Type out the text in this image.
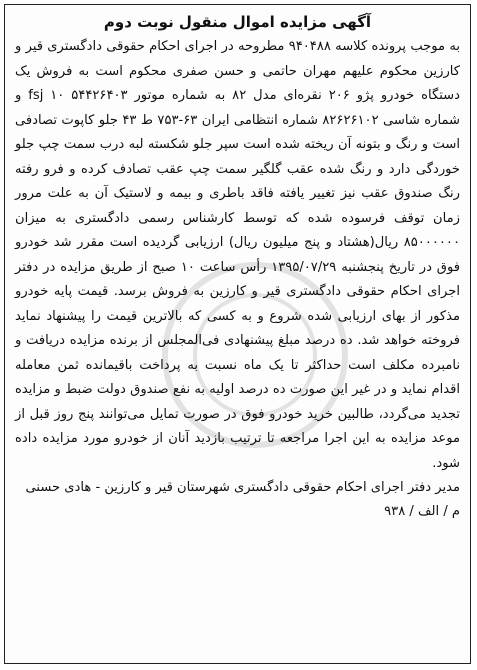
آگهی مزایده اموال منقول نوبت دوم

به موجب پرونده کلاسه ۹۴۰۴۸۸ مطروحه در اجرای احکام حقوقی دادگستری قیر و کارزین محکوم علیهم مهران حاتمی و حسن صفری محکوم است به فروش یک دستگاه خودرو پژو ۲۰۶ نقره‌ای مدل ۸۲ به شماره موتور ۵۴۴۲۶۴۰۳ fsj ۱۰ و شماره شاسی ۸۲۶۲۶۱۰۲ شماره انتظامی ایران ۶۳-۷۵۳ ط ۴۳ جلو کاپوت تصادفی است و رنگ و بتونه آن ریخته شده است سپر جلو شکسته لبه درب سمت چپ جلو خوردگی دارد و رنگ شده عقب گلگیر سمت چپ عقب تصادف کرده و فرو رفته رنگ صندوق عقب نیز تغییر یافته فاقد باطری و بیمه و لاستیک آن به علت مرور زمان توقف فرسوده شده که توسط کارشناس رسمی دادگستری به میزان ۸۵۰۰۰۰۰۰ ریال(هشتاد و پنج میلیون ریال) ارزیابی گردیده است مقرر شد خودرو فوق در تاریخ پنجشنبه ۱۳۹۵/۰۷/۲۹ رأس ساعت ۱۰ صبح از طریق مزایده در دفتر اجرای احکام حقوقی دادگستری قیر و کارزین به فروش برسد. قیمت پایه خودرو مذکور از بهای ارزیابی شده شروع و به کسی که بالاترین قیمت را پیشنهاد نماید فروخته خواهد شد. ده درصد مبلغ پیشنهادی فی‌المجلس از برنده مزایده دریافت و نامبرده مکلف است حداکثر تا یک ماه نسبت به پرداخت باقیمانده ثمن معامله اقدام نماید و در غیر این صورت ده درصد اولیه به نفع صندوق دولت ضبط و مزایده تجدید می‌گردد، طالبین خرید خودرو فوق در صورت تمایل می‌توانند پنج روز قبل از موعد مزایده به این اجرا مراجعه تا ترتیب بازدید آنان از خودرو مورد مزایده داده شود.

مدیر دفتر اجرای احکام حقوقی دادگستری شهرستان قیر و کارزین - هادی حسنی

م / الف / ۹۳۸
